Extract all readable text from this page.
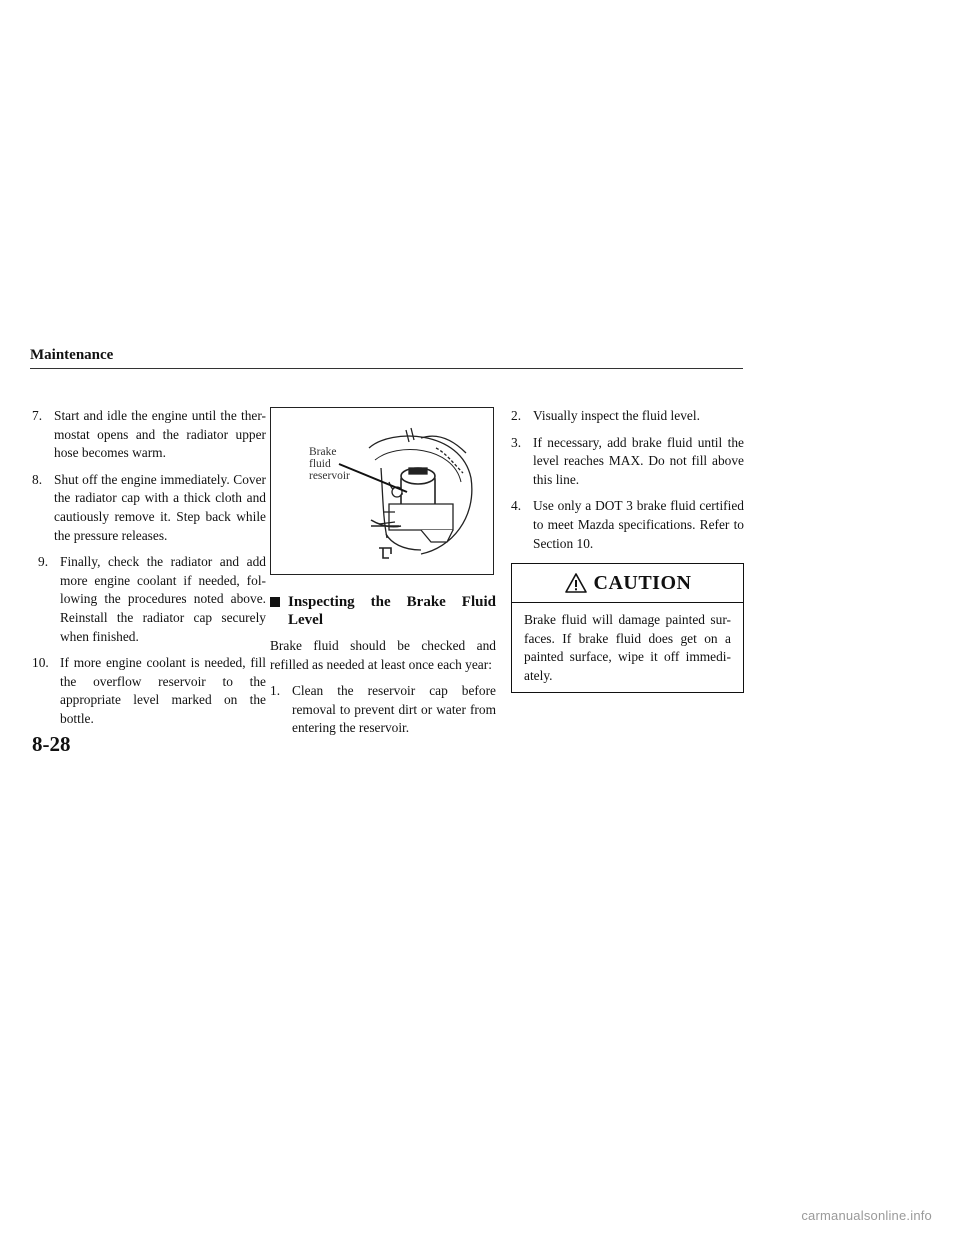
Maintenance
7. Start and idle the engine until the ther-mostat opens and the radiator upper hose becomes warm.
8. Shut off the engine immediately. Cover the radiator cap with a thick cloth and cautiously remove it. Step back while the pressure releases.
9. Finally, check the radiator and add more engine coolant if needed, fol-lowing the procedures noted above. Reinstall the radiator cap securely when finished.
10. If more engine coolant is needed, fill the overflow reservoir to the appropriate level marked on the bottle.
Brake
fluid
reservoir
Inspecting the Brake Fluid Level
Brake fluid should be checked and refilled as needed at least once each year:
1. Clean the reservoir cap before removal to prevent dirt or water from entering the reservoir.
2. Visually inspect the fluid level.
3. If necessary, add brake fluid until the level reaches MAX. Do not fill above this line.
4. Use only a DOT 3 brake fluid certified to meet Mazda specifications. Refer to Section 10.
CAUTION
Brake fluid will damage painted sur-faces. If brake fluid does get on a painted surface, wipe it off immedi-ately.
8-28
carmanualsonline.info
